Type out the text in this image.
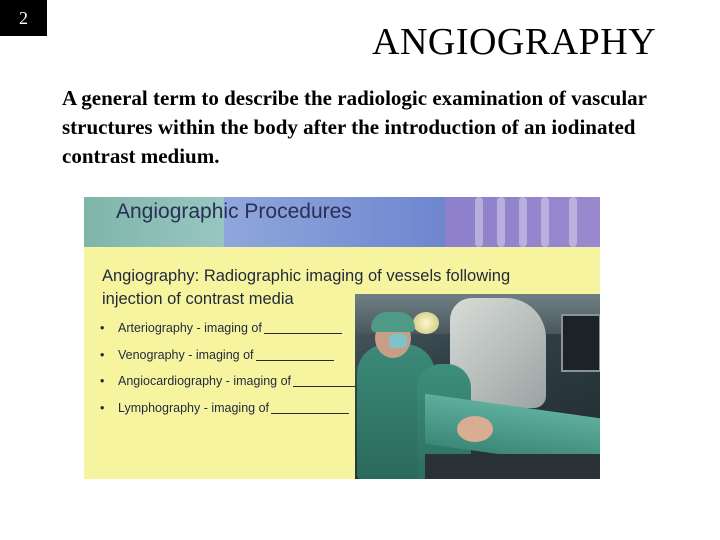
2
ANGIOGRAPHY
A general term to describe the radiologic examination of vascular structures within the body after the introduction of an iodinated contrast medium.
Angiographic Procedures
Angiography: Radiographic imaging of vessels following injection of contrast media
•	Arteriography - imaging of
•	Venography - imaging of
•	Angiocardiography - imaging of
•	Lymphography - imaging of
